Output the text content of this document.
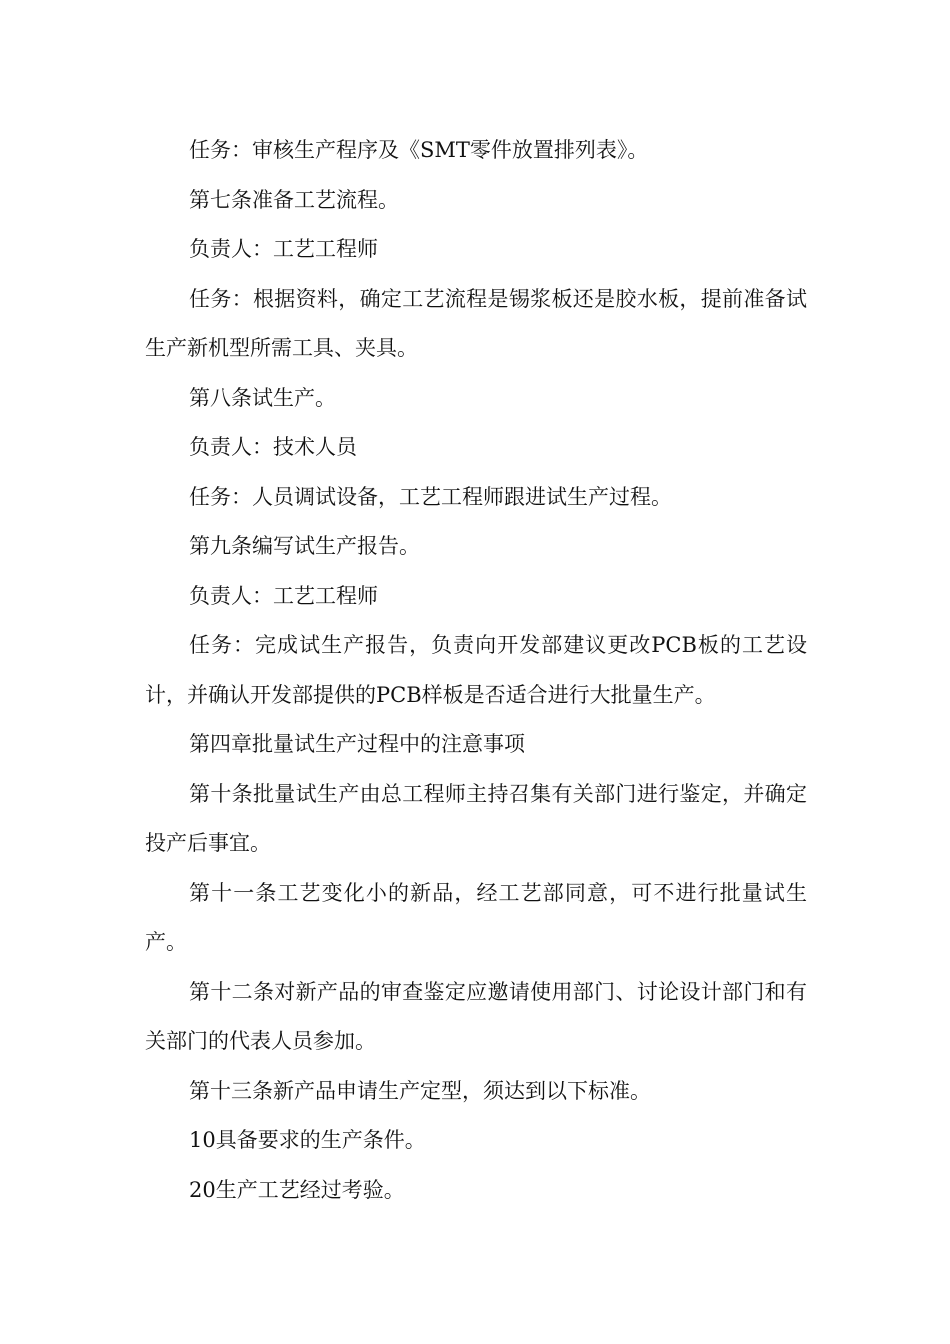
任务：审核生产程序及《SMT零件放置排列表》。

第七条准备工艺流程。

负责人：工艺工程师

任务：根据资料，确定工艺流程是锡浆板还是胶水板，提前准备试生产新机型所需工具、夹具。

第八条试生产。

负责人：技术人员

任务：人员调试设备，工艺工程师跟进试生产过程。

第九条编写试生产报告。

负责人：工艺工程师

任务：完成试生产报告，负责向开发部建议更改PCB板的工艺设计，并确认开发部提供的PCB样板是否适合进行大批量生产。

第四章批量试生产过程中的注意事项

第十条批量试生产由总工程师主持召集有关部门进行鉴定，并确定投产后事宜。

第十一条工艺变化小的新品，经工艺部同意，可不进行批量试生产。

第十二条对新产品的审查鉴定应邀请使用部门、讨论设计部门和有关部门的代表人员参加。

第十三条新产品申请生产定型，须达到以下标准。

10具备要求的生产条件。

20生产工艺经过考验。
